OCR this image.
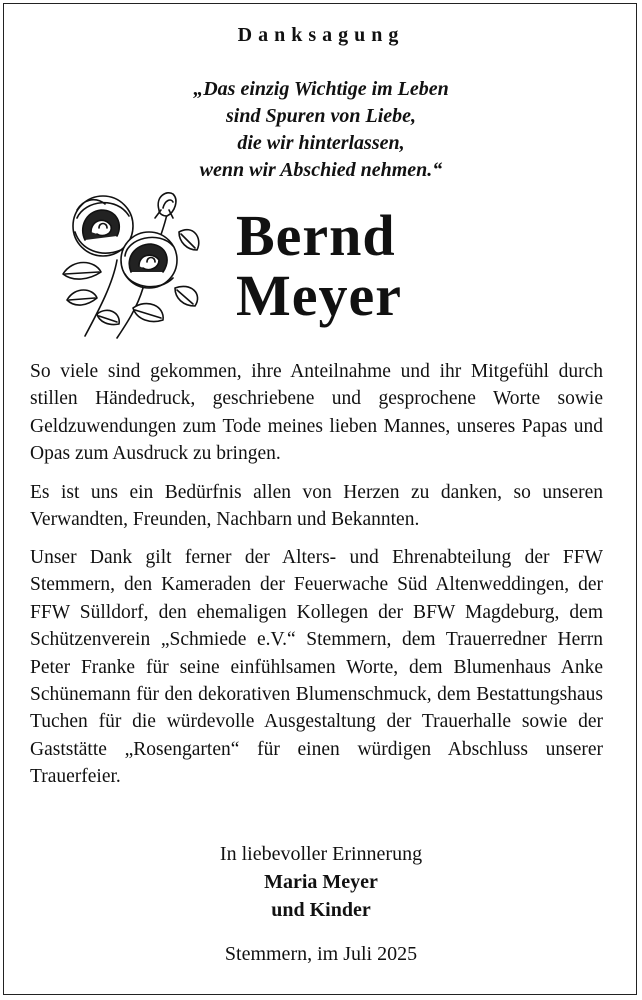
Danksagung
„Das einzig Wichtige im Leben
sind Spuren von Liebe,
die wir hinterlassen,
wenn wir Abschied nehmen.“
Bernd
Meyer
So viele sind gekommen, ihre Anteilnahme und ihr Mitgefühl durch stillen Händedruck, geschriebene und gesprochene Worte sowie Geldzuwendungen zum Tode meines lieben Mannes, unseres Papas und Opas zum Ausdruck zu bringen.
Es ist uns ein Bedürfnis allen von Herzen zu danken, so unseren Verwandten, Freunden, Nachbarn und Bekannten.
Unser Dank gilt ferner der Alters- und Ehrenabteilung der FFW Stemmern, den Kameraden der Feuerwache Süd Altenweddingen, der FFW Sülldorf, den ehemaligen Kollegen der BFW Magdeburg, dem Schützenverein „Schmiede e.V.“ Stemmern, dem Trauerredner Herrn Peter Franke für seine einfühlsamen Worte, dem Blumenhaus Anke Schünemann für den dekorativen Blumenschmuck, dem Bestattungshaus Tuchen für die würdevolle Ausgestaltung der Trauerhalle sowie der Gaststätte „Rosengarten“ für einen würdigen Abschluss unserer Trauerfeier.
In liebevoller Erinnerung
Maria Meyer
und Kinder
Stemmern, im Juli 2025
